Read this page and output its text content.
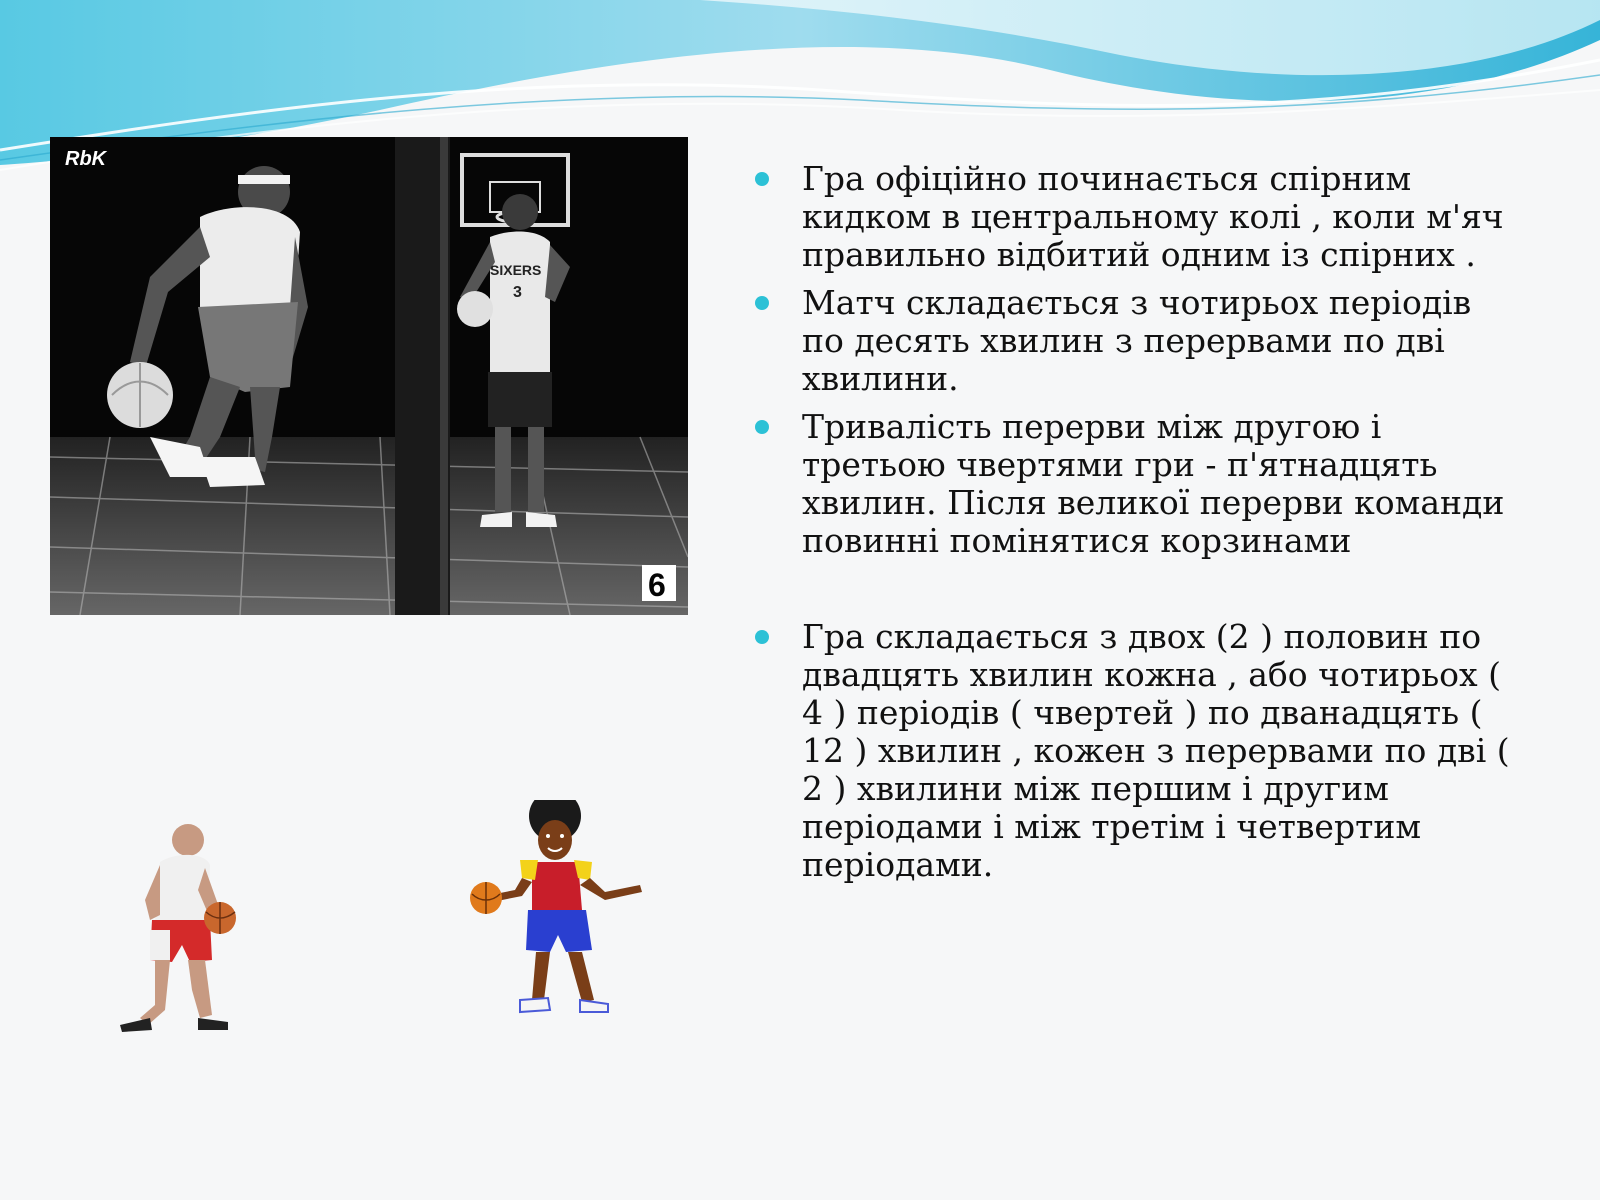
RbK
SIXERS
3
6
Гра офіційно починається спірним кидком в центральному колі , коли м'яч правильно відбитий одним із спірних .
Матч складається з чотирьох періодів по десять хвилин з перервами по дві хвилини.
Тривалість перерви між другою і третьою чвертями гри - п'ятнадцять хвилин. Після великої перерви команди повинні помінятися корзинами
Гра складається з двох (2 ) половин по двадцять хвилин кожна , або чотирьох ( 4 ) періодів ( чвертей ) по дванадцять ( 12 ) хвилин , кожен з перервами по дві ( 2 ) хвилини між першим і другим періодами і між третім і четвертим періодами.
